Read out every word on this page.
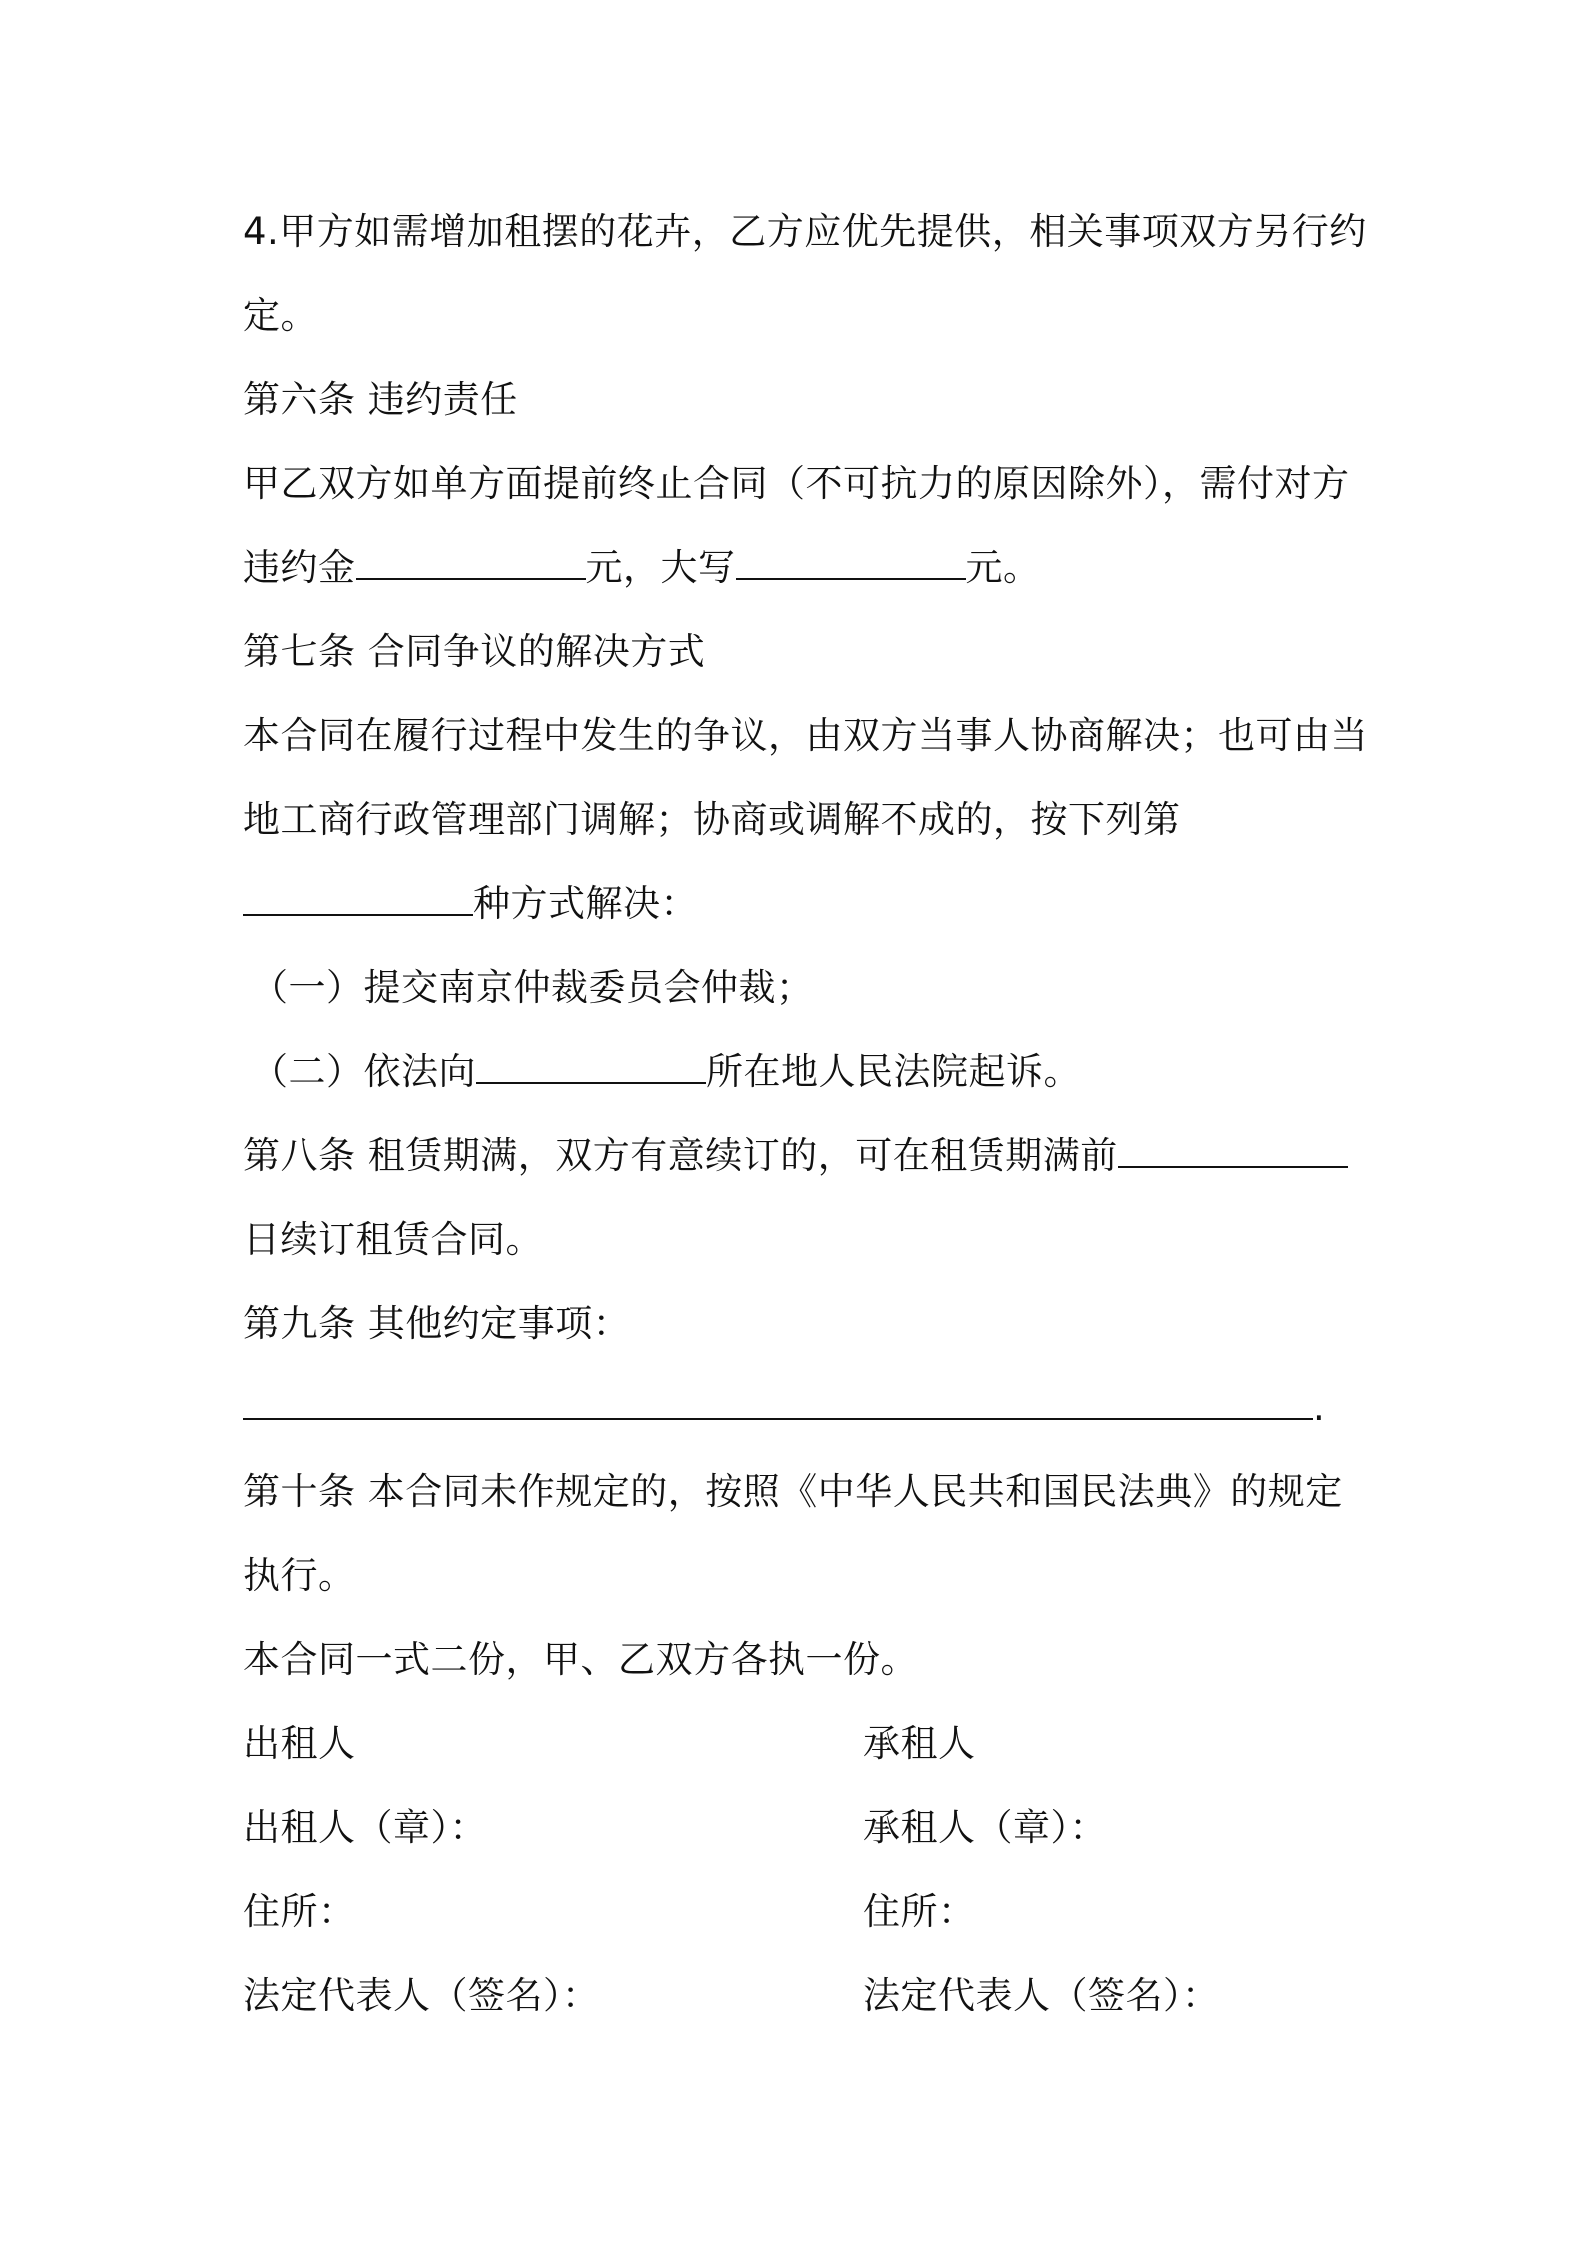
4.甲方如需增加租摆的花卉，乙方应优先提供，相关事项双方另行约
定。
第六条 违约责任
甲乙双方如单方面提前终止合同（不可抗力的原因除外），需付对方
违约金	元，大写	元。
第七条 合同争议的解决方式
本合同在履行过程中发生的争议，由双方当事人协商解决；也可由当
地工商行政管理部门调解；协商或调解不成的，按下列第
种方式解决：
（一）提交南京仲裁委员会仲裁；
（二）依法向	所在地人民法院起诉。
第八条 租赁期满，双方有意续订的，可在租赁期满前
日续订租赁合同。
第九条 其他约定事项：
.
第十条 本合同未作规定的，按照《中华人民共和国民法典》的规定
执行。
本合同一式二份，甲、乙双方各执一份。
出租人	承租人
出租人（章）：	承租人（章）：
住所：	住所：
法定代表人（签名）：	法定代表人（签名）：
